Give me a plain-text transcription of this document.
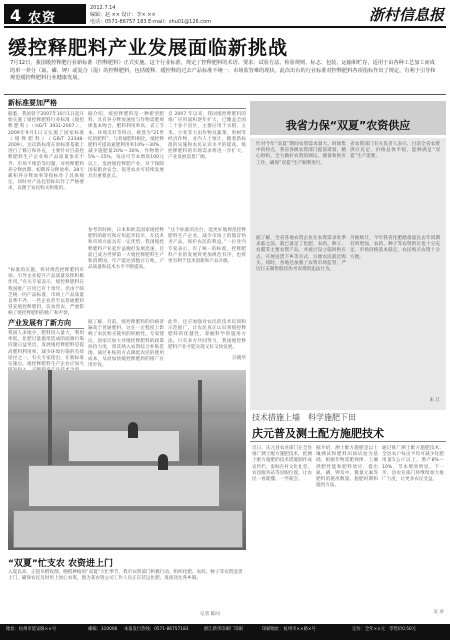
4 农资
2012.7.14
编辑：赵 ×× 设计：李× ××
电话：0571-86757 183 E-mail：zhu01@126.com	浙村信息报
缓控释肥料产业发展面临新挑战
7月12日，我国缓控释肥行业新标准（控释肥料）正式实施。这个行业标准，规定了控释肥料的术语、要求、试验方法、检验规则、标志、包装、运输和贮存，适用于由各种工艺加工而成的单一养分（氮、磷、钾）或复合（混）的控释肥料，包括缓释、缓控释的过去产品标准不统一、市场监管难的现状。此次出台的行业标准对控释肥料各项指标作出了规定，有利于引导和规范缓控释肥料行业健康发展。
新标准要加严格
据悉，我国曾于2007年10月1日起开始实施了缓控释肥料行业标准《缓控释肥料》（HG/T 3931-2007），2009年9月1日又实施了国家标准《缓释肥料》（GB/T 23348-2009）。这次新标准在原标准基础上进行了修订和补充，主要针对目前控释肥料生产企业和产品质量参差不齐、市场不规范等问题，对控释肥料养分释放期、初期养分释放率、28天累积养分释放率等指标作了具体规定，同时对产品包装标识作了严格要求，以便于农民购买和使用。
“标准的实施，将对规范控释肥料市场、引导企业提升产品质量发挥积极作用。”有关专家表示，缓控释肥料在我国推广应用已有十余年，但由于缺乏统一的产品标准，市场上产品质量良莠不齐，一些企业甚至以普通肥料冒充缓控释肥料，坑农害农，严重影响了缓控释肥料的推广和声誉。
据介绍，缓控释肥料是一种新型肥料，具有养分释放速度与作物需肥规律基本吻合、肥料利用率高、省工节本、环境友好等特点，被誉为“21世纪的肥料”。与普通肥料相比，缓控释肥料可提高氮肥利用率10%～30%，减少施肥量20%～30%，作物增产5%～15%，每亩可节本增效100元以上。发展缓控释肥产业，对于保障国家粮食安全、促进农业可持续发展具有重要意义。
参考的时候，日本和欧美国家缓控释肥料的研究和应用起步较早，在技术和市场方面具有一定优势。我国缓控释肥料产业起步虽晚但发展迅速，目前已成为世界第一大缓控释肥料生产和消费国，年产能达到数百万吨，产品质量和技术水平不断提高。
自 2007 年以来，我国缓控释肥料的推广应用面积逐年扩大，已覆盖全国二十多个省区，主要应用于水稻、玉米、小麦等大田作物及蔬菜、果树等经济作物。业内人士预计，随着新标准的实施和农民认识水平的提高，缓控释肥料的市场需求将进一步扩大，产业发展前景广阔。
“这个标准的出台，能更好地规范控释肥料生产企业，减少市场上的假冒伪劣产品，保护农民的利益。”一位业内专家表示，有了统一的标准，控释肥料产业的发展将更加规范有序，也将更有利于技术创新和产品升级。
产业发展有了新方向
我国人多地少，肥料投入量大，利用率低，化肥过量施用造成的面源污染问题日益突出，发展缓控释肥料是提高肥料利用率、减少环境污染的有效途径之一。有关专家指出，在新标准实施后，缓控释肥料生产企业应加大
据了解，目前，缓控释肥料的价格普遍高于普通肥料，这在一定程度上影响了农民购买使用的积极性。专家建议，国家应加大对缓控释肥料的政策扶持力度，将其纳入农资综合补贴范围，通过补贴的方式降低农民的使用成本，从而加快缓控释肥料的推广应用步伐。
此外，还应加强对农民的技术培训和示范推广，让农民真正认识到缓控释肥料的优越性，掌握科学的施用方法。只有多方共同努力，我国缓控释肥料产业才能实现又好又快发展。
汪晓华
“双夏”忙支农 农资进上门
入夏以来，正值早稻收割、晚稻种植的“双夏”大忙季节，我市农资部门积极行动，组织化肥、农药、种子等农资送货上门，确保农民及时用上放心农资。图为某农资公司工作人员正在装运化肥，准备送往各乡镇。
记者 陈同
我省力保“双夏”农资供应
针对今年“双夏”期间农资需求量大、时间集中的特点，我省各级农资部门提前谋划、精心组织，全力做好农资的调运、储备和供应工作，确保“双夏”生产顺利进行。
据了解，全省各地农资企业在农资需求旺季来临之前，就已备足了化肥、农药、种子、农膜等主要农资产品，并通过设立临时供应点、开展送货下乡等方式，方便农民就近购买。同时，各地还加强了农资市场监管，严厉打击制售假冒伪劣农资的违法行为。
省农资部门有关负责人表示，目前全省农资供应充足，价格总体平稳，能够满足“双夏”生产需要。
另据统计，今年我省化肥储备量比去年同期有所增加，农药、种子等农资供应也十分充足，市场价格基本稳定，农民购买农资十分方便。
朱 江
技术措施上墙　科学施肥下田
庆元普及测土配方施肥技术
近日，庆元县农业部门在全县推广测土配方施肥技术，把测土配方施肥的技术措施制作成宣传栏，张贴在村文化礼堂、农技服务站等显眼位置，让农民一看就懂、一学就会。
据介绍，测土配方施肥是以土壤测试和肥料田间试验为基础，根据作物需肥规律、土壤供肥性能和肥料效应，提出氮、磷、钾及中、微量元素等肥料的施用数量、施肥时期和施用方法。
通过推广测土配方施肥技术，全县农户每亩平均可减少化肥用量5公斤以上，增产8%～10%，节本增效明显。下一步，县农业部门将继续加大推广力度，让更多农民受益。
吴 涛
地址：杭州市延安路××号	邮编：310006 本报发行热线：0571-86757183	浙江新华印刷厂印刷	印刷地址：杭州市××路×号	定价：全年××元　零售价0.50元
